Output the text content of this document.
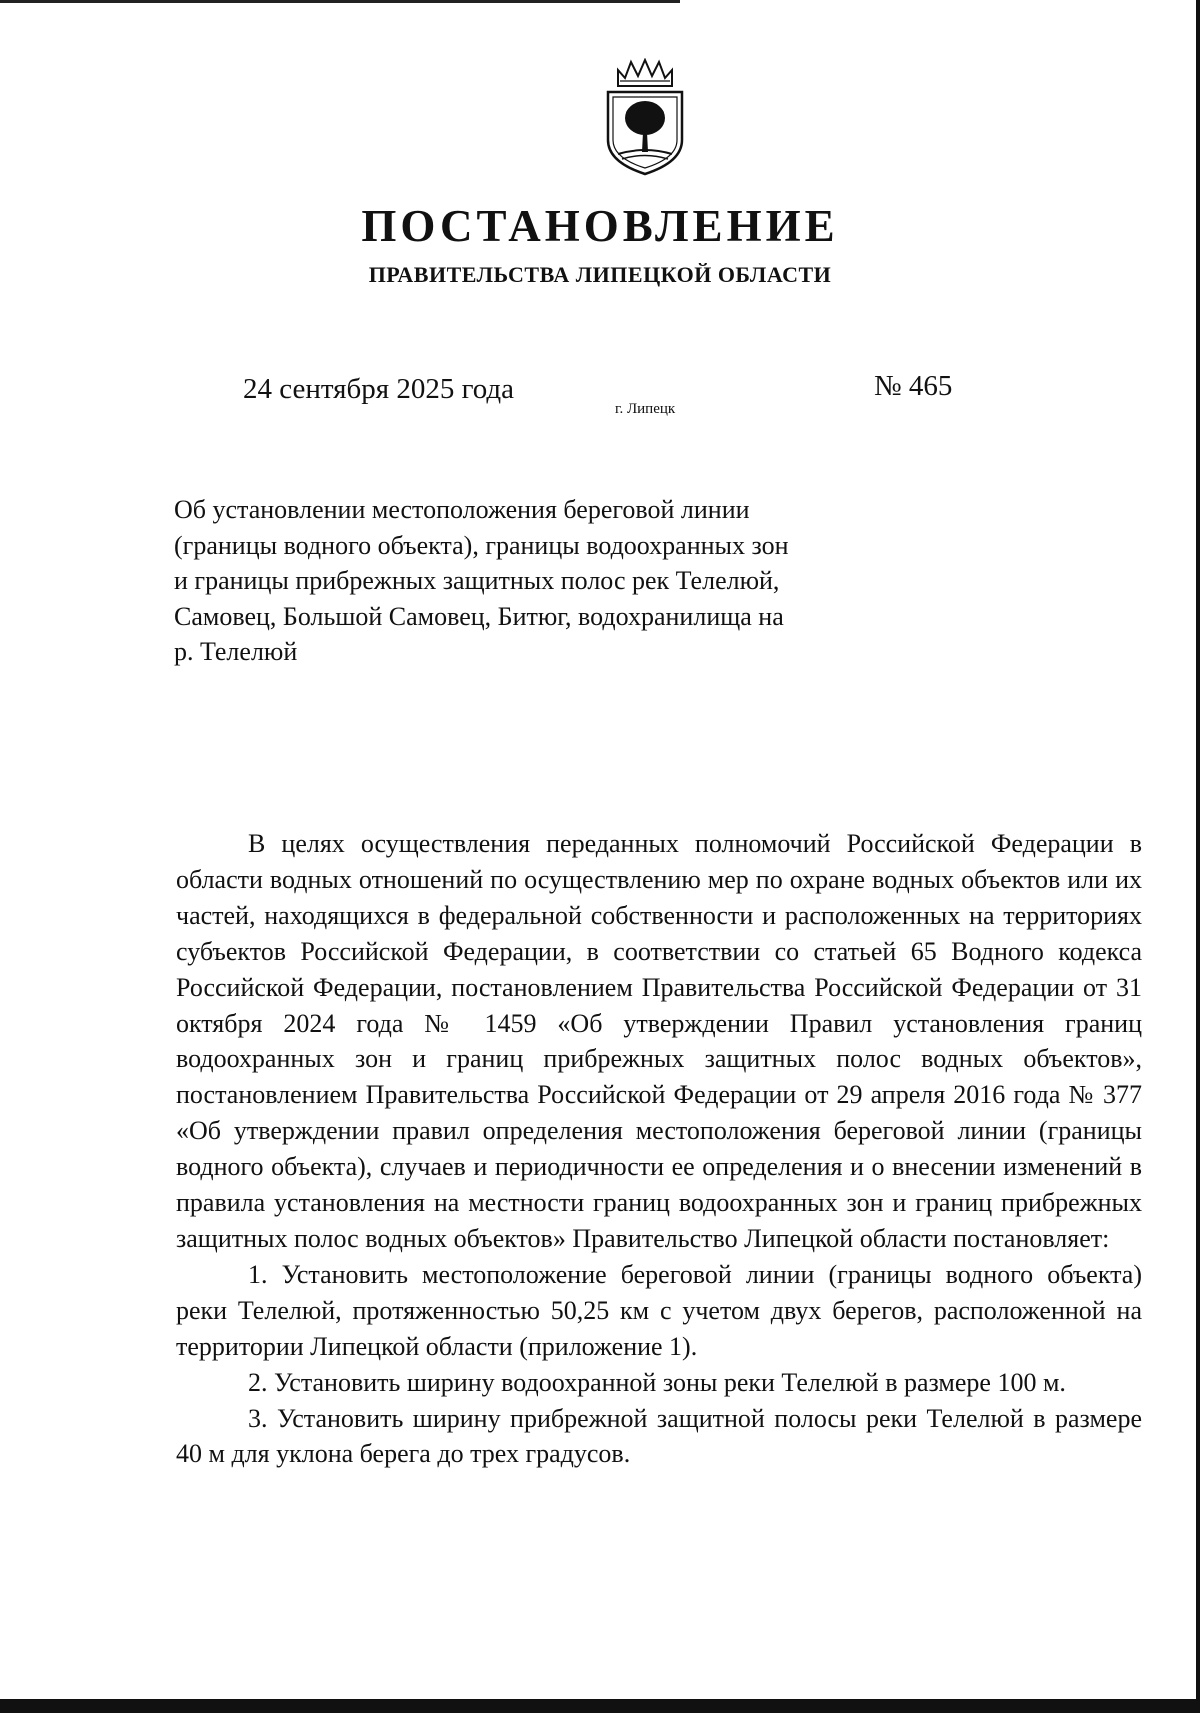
ПОСТАНОВЛЕНИЕ
ПРАВИТЕЛЬСТВА ЛИПЕЦКОЙ ОБЛАСТИ
24 сентября 2025 года
г. Липецк
№ 465

Об установлении местоположения береговой линии (границы водного объекта), границы водоохранных зон и границы прибрежных защитных полос рек Телелюй, Самовец, Большой Самовец, Битюг, водохранилища на р. Телелюй

В целях осуществления переданных полномочий Российской Федерации в области водных отношений по осуществлению мер по охране водных объектов или их частей, находящихся в федеральной собственности и расположенных на территориях субъектов Российской Федерации, в соответствии со статьей 65 Водного кодекса Российской Федерации, постановлением Правительства Российской Федерации от 31 октября 2024 года № 1459 «Об утверждении Правил установления границ водоохранных зон и границ прибрежных защитных полос водных объектов», постановлением Правительства Российской Федерации от 29 апреля 2016 года № 377 «Об утверждении правил определения местоположения береговой линии (границы водного объекта), случаев и периодичности ее определения и о внесении изменений в правила установления на местности границ водоохранных зон и границ прибрежных защитных полос водных объектов» Правительство Липецкой области постановляет:

1. Установить местоположение береговой линии (границы водного объекта) реки Телелюй, протяженностью 50,25 км с учетом двух берегов, расположенной на территории Липецкой области (приложение 1).

2. Установить ширину водоохранной зоны реки Телелюй в размере 100 м.

3. Установить ширину прибрежной защитной полосы реки Телелюй в размере 40 м для уклона берега до трех градусов.
